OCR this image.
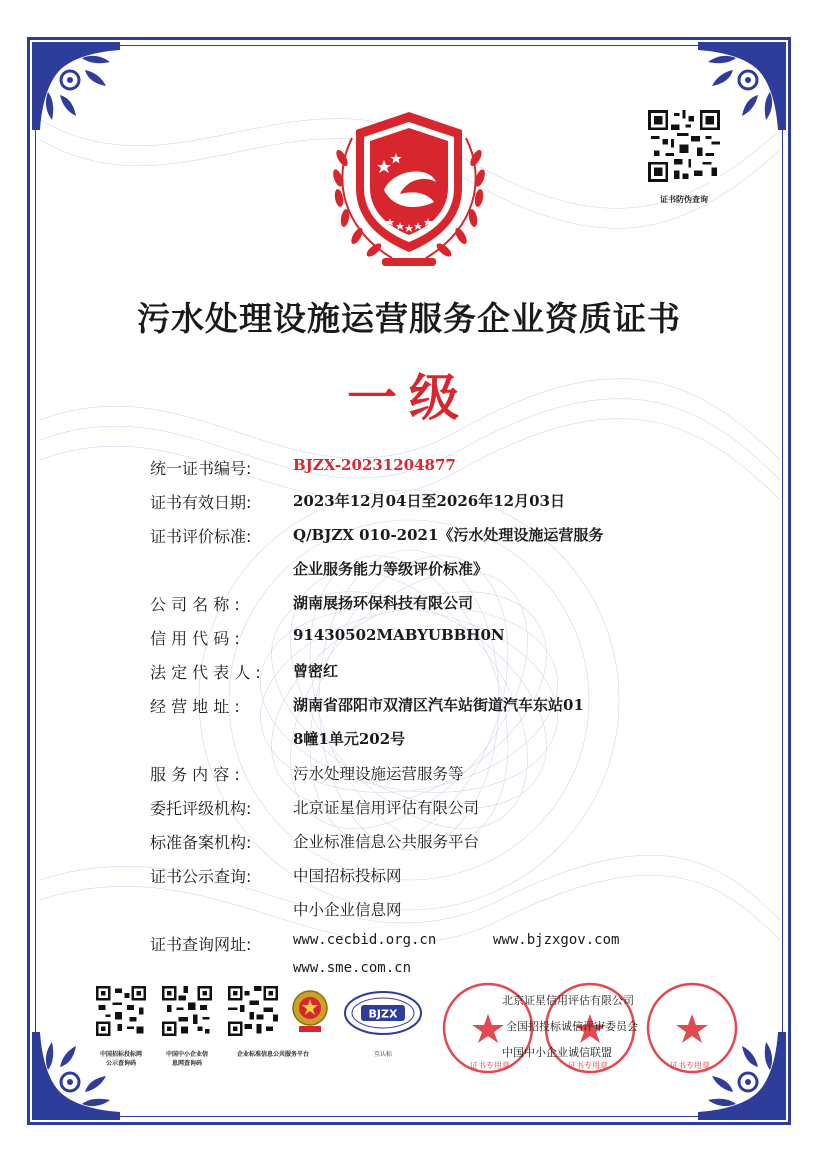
证书防伪查询
污水处理设施运营服务企业资质证书
一级
统一证书编号:	BJZX-20231204877
证书有效日期:	2023年12月04日至2026年12月03日
证书评价标准:	Q/BJZX 010-2021《污水处理设施运营服务
企业服务能力等级评价标准》
公 司 名 称 :	湖南展扬环保科技有限公司
信 用 代 码 :	91430502MABYUBBH0N
法 定 代 表 人 :	曾密红
经 营 地 址 :	湖南省邵阳市双清区汽车站街道汽车东站01
8幢1单元202号
服 务 内 容 :	污水处理设施运营服务等
委托评级机构:	北京证星信用评估有限公司
标准备案机构:	企业标准信息公共服务平台
证书公示查询:	中国招标投标网
中小企业信息网
证书查询网址:	www.cecbid.org.cn	www.bjzxgov.com
www.sme.com.cn
中国招标投标网
公示查询码
中国中小企业信
息网查询码
企业标准信息公共服务平台
BJZX
互认标
北京证星信用评估有限公司
全国招投标诚信评审委员会
中国中小企业诚信联盟
证书专用章	证书专用章	证书专用章
